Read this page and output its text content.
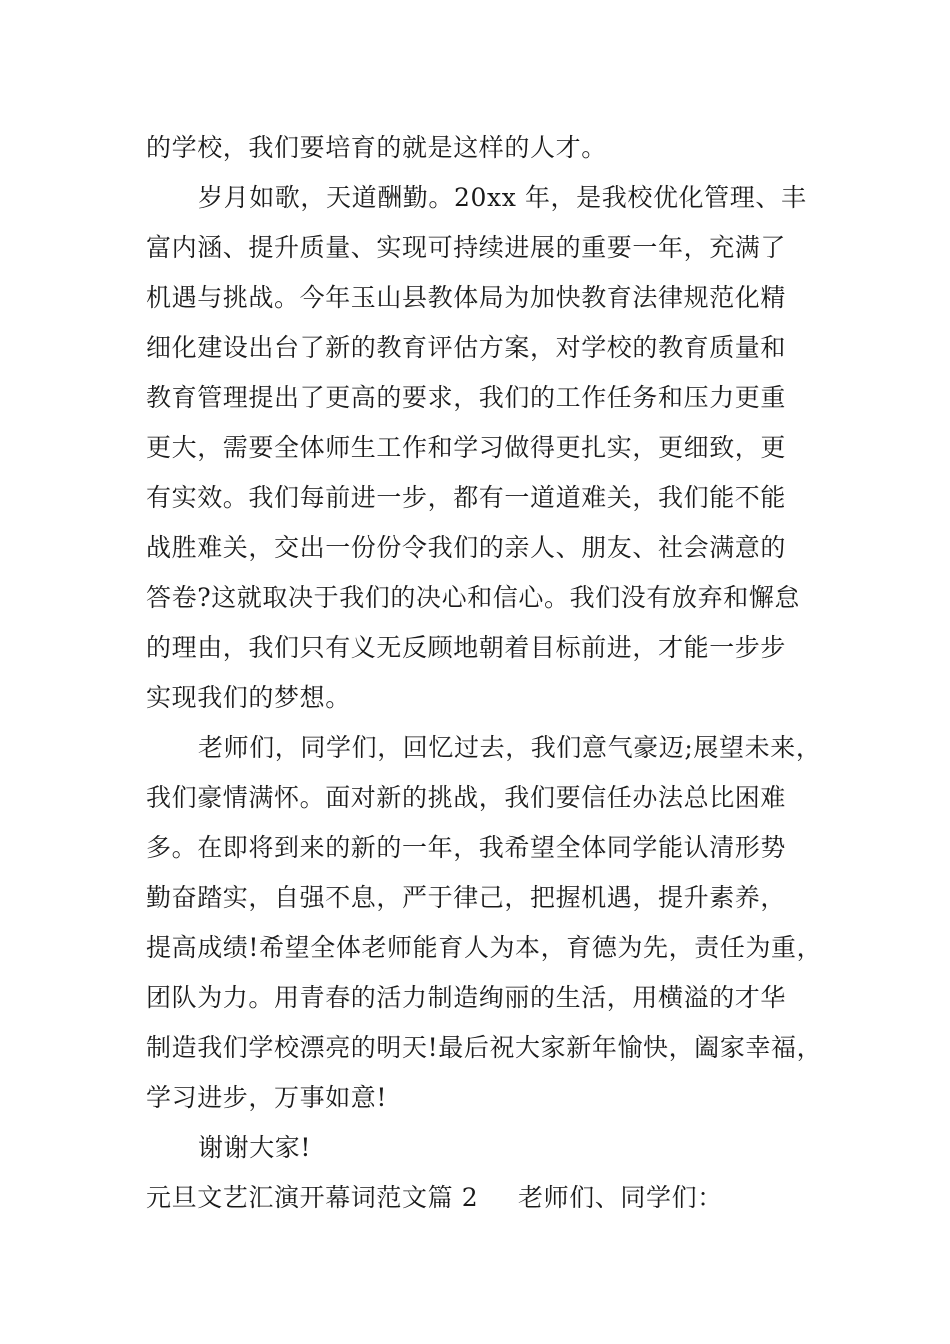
的学校，我们要培育的就是这样的人才。
岁月如歌，天道酬勤。20xx 年，是我校优化管理、丰
富内涵、提升质量、实现可持续进展的重要一年，充满了
机遇与挑战。今年玉山县教体局为加快教育法律规范化精
细化建设出台了新的教育评估方案，对学校的教育质量和
教育管理提出了更高的要求，我们的工作任务和压力更重
更大，需要全体师生工作和学习做得更扎实，更细致，更
有实效。我们每前进一步，都有一道道难关，我们能不能
战胜难关，交出一份份令我们的亲人、朋友、社会满意的
答卷?这就取决于我们的决心和信心。我们没有放弃和懈怠
的理由，我们只有义无反顾地朝着目标前进，才能一步步
实现我们的梦想。
老师们，同学们，回忆过去，我们意气豪迈;展望未来，
我们豪情满怀。面对新的挑战，我们要信任办法总比困难
多。在即将到来的新的一年，我希望全体同学能认清形势
勤奋踏实，自强不息，严于律己，把握机遇，提升素养，
提高成绩!希望全体老师能育人为本，育德为先，责任为重，
团队为力。用青春的活力制造绚丽的生活，用横溢的才华
制造我们学校漂亮的明天!最后祝大家新年愉快，阖家幸福，
学习进步，万事如意!
谢谢大家!
元旦文艺汇演开幕词范文篇 2 老师们、同学们：
